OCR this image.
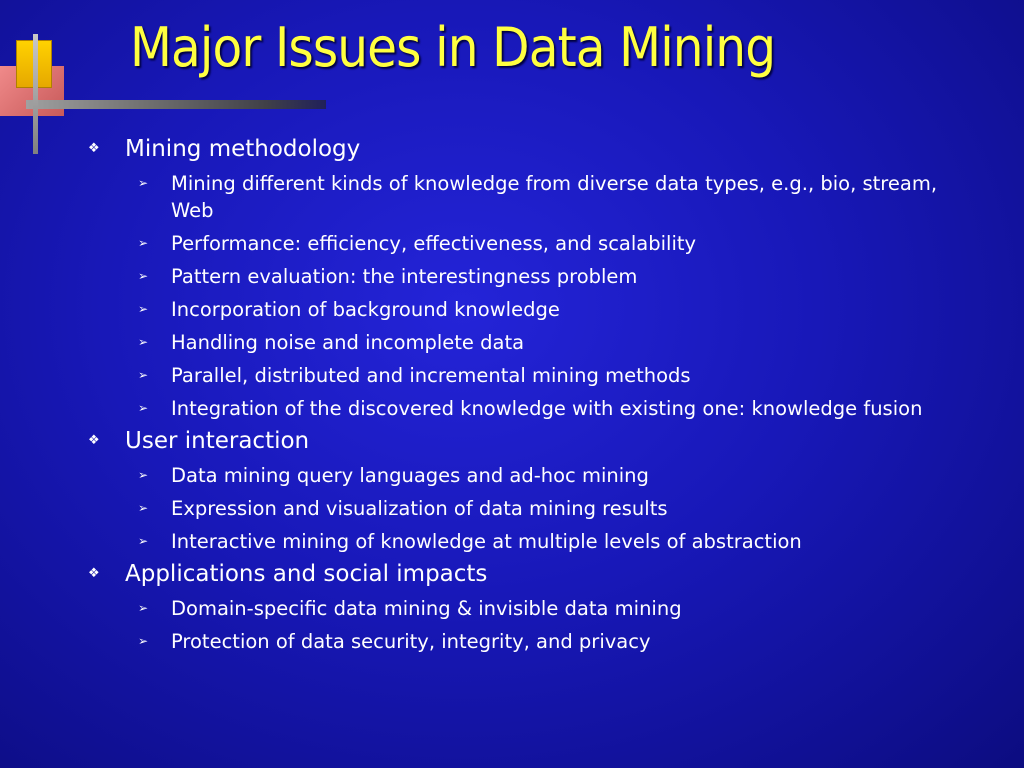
Major Issues in Data Mining
❖ Mining methodology
➢ Mining different kinds of knowledge from diverse data types, e.g., bio, stream, Web
➢ Performance: efficiency, effectiveness, and scalability
➢ Pattern evaluation: the interestingness problem
➢ Incorporation of background knowledge
➢ Handling noise and incomplete data
➢ Parallel, distributed and incremental mining methods
➢ Integration of the discovered knowledge with existing one: knowledge fusion
❖ User interaction
➢ Data mining query languages and ad-hoc mining
➢ Expression and visualization of data mining results
➢ Interactive mining of knowledge at multiple levels of abstraction
❖ Applications and social impacts
➢ Domain-specific data mining & invisible data mining
➢ Protection of data security, integrity, and privacy
